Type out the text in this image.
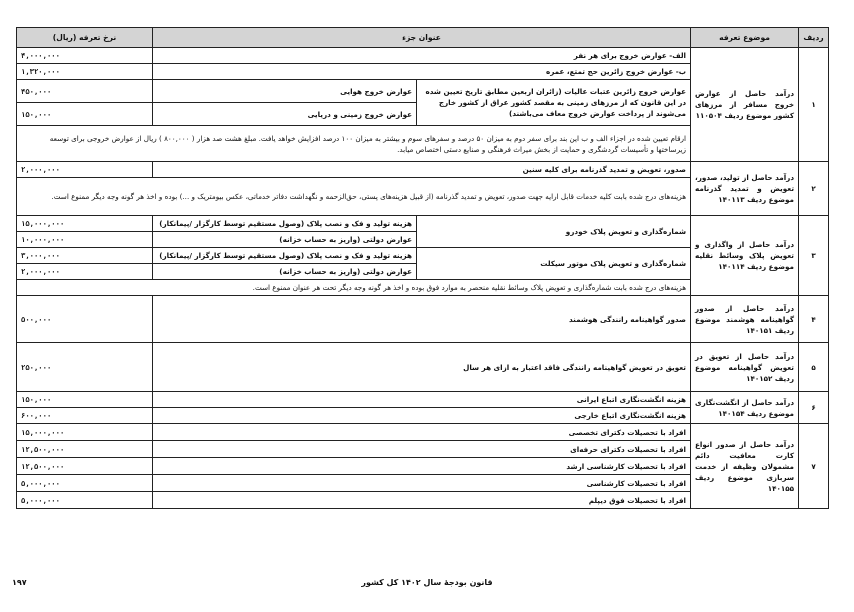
ردیف	موضوع تعرفه	عنوان جزء		نرخ تعرفه (ریال)
۱	درآمد حاصل از عوارض خروج مسافر از مرزهای کشور موضوع ردیف ۱۱۰۵۰۴	الف- عوارض خروج برای هر نفر		۴,۰۰۰,۰۰۰
		ب- عوارض خروج زائرین حج تمتع، عمره		۱,۳۲۰,۰۰۰
		عوارض خروج زائرین عتبات عالیات (زائران اربعین مطابق تاریخ تعیین شده در این قانون که از مرزهای زمینی به مقصد کشور عراق از کشور خارج می‌شوند از پرداخت عوارض خروج معاف می‌باشند)	عوارض خروج هوایی	۴۵۰,۰۰۰
			عوارض خروج زمینی و دریایی	۱۵۰,۰۰۰
		ارقام تعیین شده در اجزاء الف و ب این بند برای سفر دوم به میزان ۵۰ درصد و سفرهای سوم و بیشتر به میزان ۱۰۰ درصد افزایش خواهد یافت. مبلغ هشت صد هزار ( ۸۰۰,۰۰۰ ) ریال از عوارض خروجی برای توسعه زیرساختها و تأسیسات گردشگری و حمایت از بخش میراث فرهنگی و صنایع دستی اختصاص میابد.		
۲	درآمد حاصل از تولید، صدور، تعویض و تمدید گذرنامه موضوع ردیف ۱۴۰۱۱۳	صدور، تعویض و تمدید گذرنامه برای کلیه سنین		۲,۰۰۰,۰۰۰
		هزینه‌های درج شده بابت کلیه خدمات قابل ارایه جهت صدور، تعویض و تمدید گذرنامه (از قبیل هزینه‌های پستی، حق‌الزحمه و نگهداشت دفاتر خدماتی، عکس بیومتریک و ...) بوده و اخذ هر گونه وجه دیگر ممنوع است.		
۳	درآمد حاصل از واگذاری و تعویض پلاک وسائط نقلیه موضوع ردیف ۱۴۰۱۱۴	شماره‌گذاری و تعویض پلاک خودرو	هزینه تولید و فک و نصب پلاک (وصول مستقیم توسط کارگزار /پیمانکار)	۱۵,۰۰۰,۰۰۰
			عوارض دولتی (واریز به حساب خزانه)	۱۰,۰۰۰,۰۰۰
		شماره‌گذاری و تعویض پلاک موتور سیکلت	هزینه تولید و فک و نصب پلاک (وصول مستقیم توسط کارگزار /پیمانکار)	۳,۰۰۰,۰۰۰
			عوارض دولتی (واریز به حساب خزانه)	۲,۰۰۰,۰۰۰
		هزینه‌های درج شده بابت شماره‌گذاری و تعویض پلاک وسائط نقلیه منحصر به موارد فوق بوده و اخذ هر گونه وجه دیگر تحت هر عنوان ممنوع است.		
۴	درآمد حاصل از صدور گواهینامه هوشمند موضوع ردیف ۱۴۰۱۵۱	صدور گواهینامه رانندگی هوشمند		۵۰۰,۰۰۰
۵	درآمد حاصل از تعویق در تعویض گواهینامه موضوع ردیف ۱۴۰۱۵۲	تعویق در تعویض گواهینامه رانندگی فاقد اعتبار به ازای هر سال		۲۵۰,۰۰۰
۶	درآمد حاصل از انگشت‌نگاری موضوع ردیف ۱۴۰۱۵۴	هزینه انگشت‌نگاری اتباع ایرانی		۱۵۰,۰۰۰
		هزینه انگشت‌نگاری اتباع خارجی		۶۰۰,۰۰۰
۷	درآمد حاصل از صدور انواع کارت معافیت دائم مشمولان وظیفه از خدمت سربازی موضوع ردیف ۱۴۰۱۵۵	افراد با تحصیلات دکترای تخصصی		۱۵,۰۰۰,۰۰۰
		افراد با تحصیلات دکترای حرفه‌ای		۱۲,۵۰۰,۰۰۰
		افراد با تحصیلات کارشناسی ارشد		۱۲,۵۰۰,۰۰۰
		افراد با تحصیلات کارشناسی		۵,۰۰۰,۰۰۰
		افراد با تحصیلات فوق دیپلم		۵,۰۰۰,۰۰۰
۱۹۷	قانون بودجهٔ سال ۱۴۰۲ کل کشور
